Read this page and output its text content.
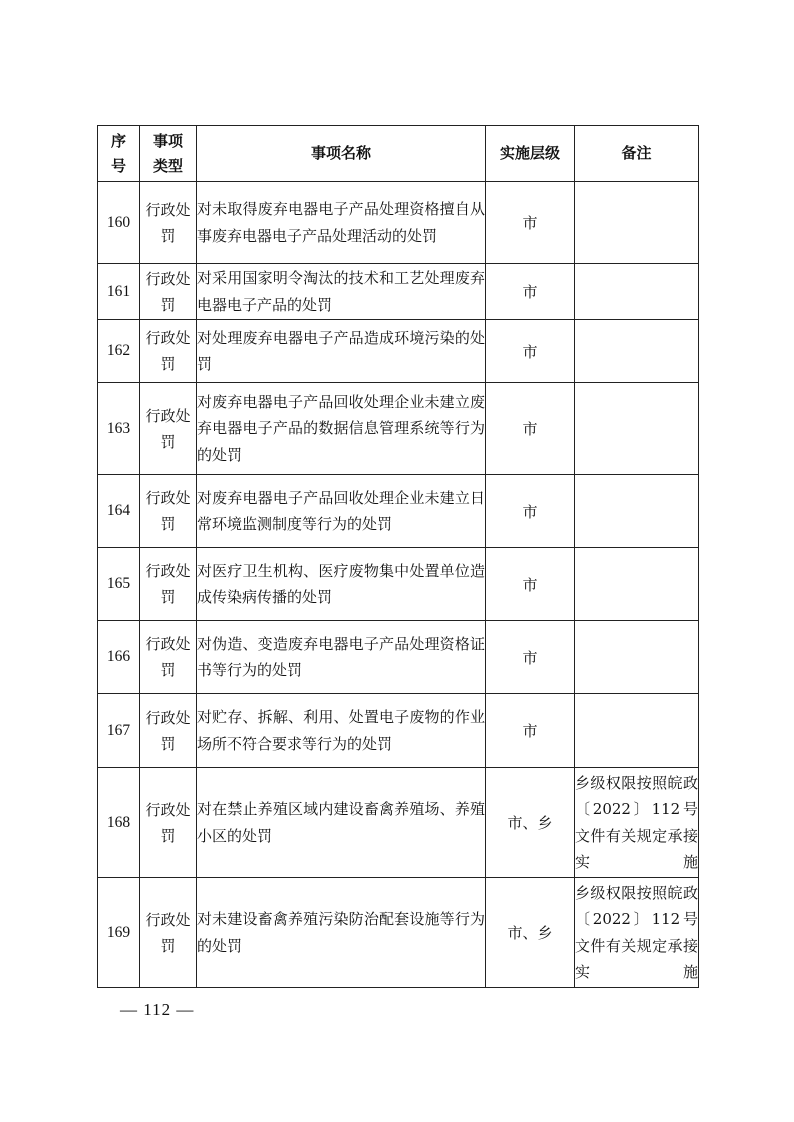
序号	事项类型	事项名称	实施层级	备注
160	行政处罚	对未取得废弃电器电子产品处理资格擅自从事废弃电器电子产品处理活动的处罚	市	
161	行政处罚	对采用国家明令淘汰的技术和工艺处理废弃电器电子产品的处罚	市	
162	行政处罚	对处理废弃电器电子产品造成环境污染的处罚	市	
163	行政处罚	对废弃电器电子产品回收处理企业未建立废弃电器电子产品的数据信息管理系统等行为的处罚	市	
164	行政处罚	对废弃电器电子产品回收处理企业未建立日常环境监测制度等行为的处罚	市	
165	行政处罚	对医疗卫生机构、医疗废物集中处置单位造成传染病传播的处罚	市	
166	行政处罚	对伪造、变造废弃电器电子产品处理资格证书等行为的处罚	市	
167	行政处罚	对贮存、拆解、利用、处置电子废物的作业场所不符合要求等行为的处罚	市	
168	行政处罚	对在禁止养殖区域内建设畜禽养殖场、养殖小区的处罚	市、乡	乡级权限按照皖政〔2022〕112号文件有关规定承接实施
169	行政处罚	对未建设畜禽养殖污染防治配套设施等行为的处罚	市、乡	乡级权限按照皖政〔2022〕112号文件有关规定承接实施
— 112 —
